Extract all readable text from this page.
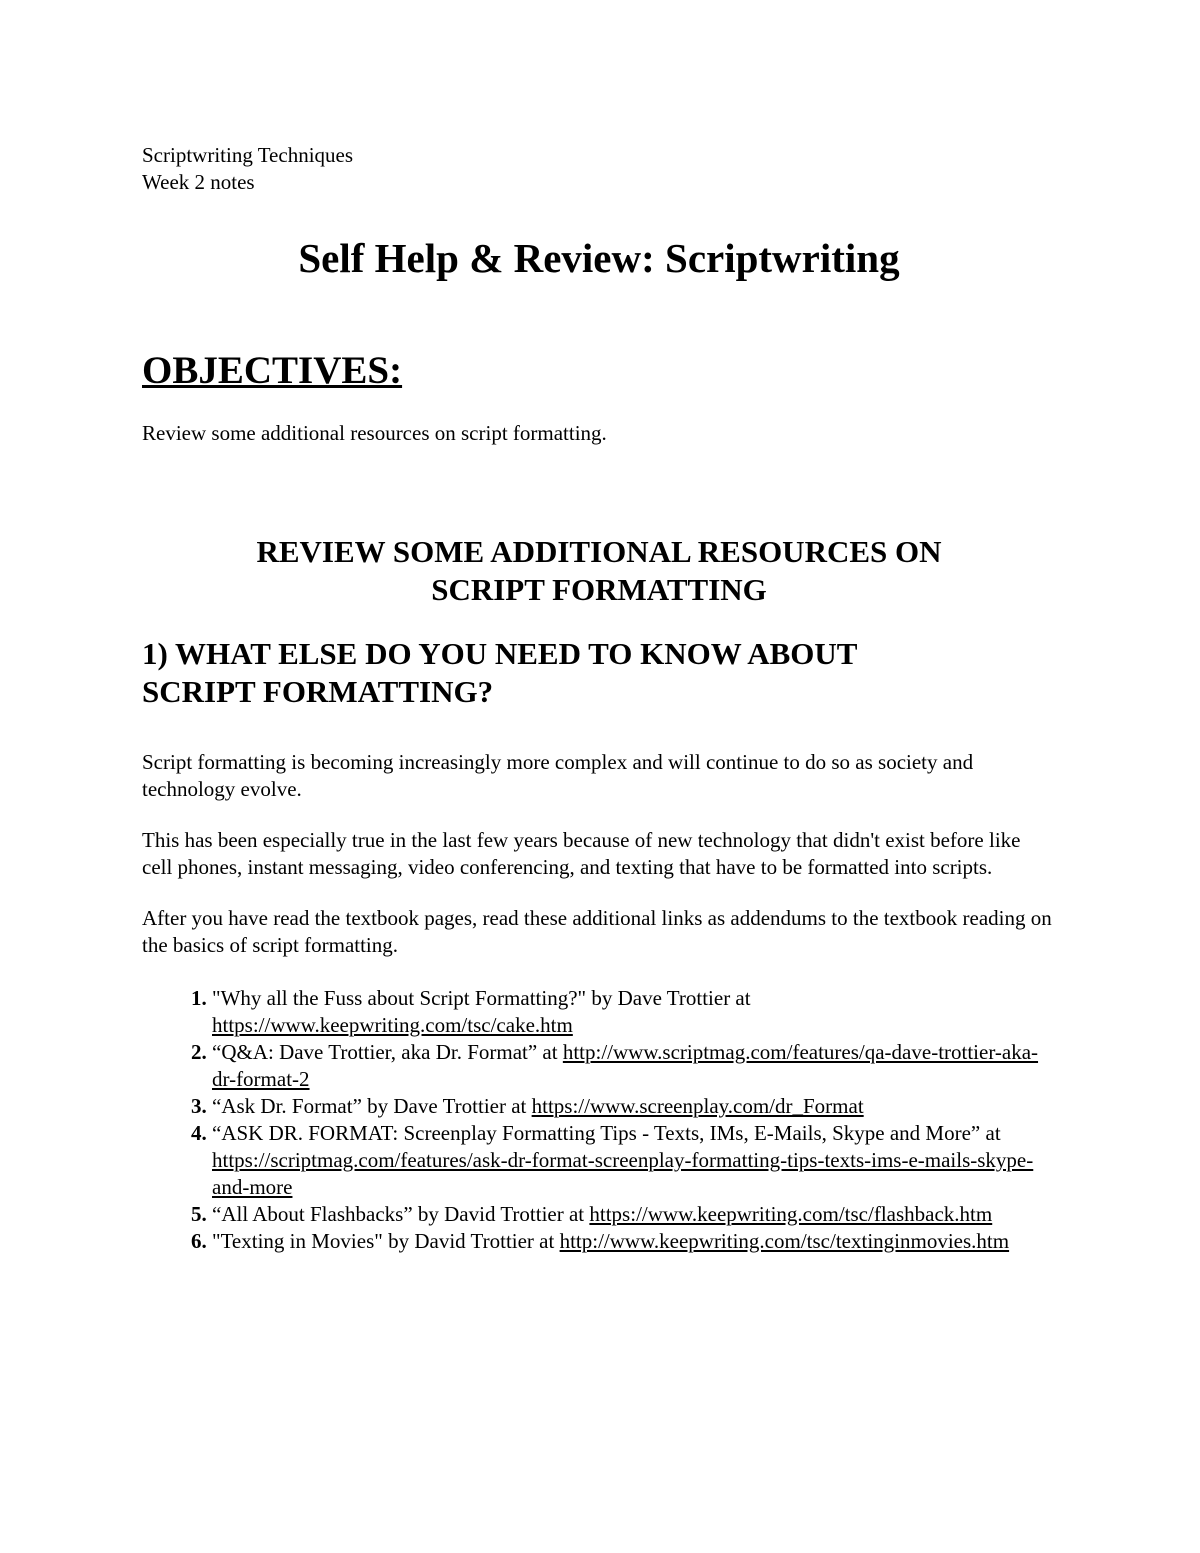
Scriptwriting Techniques
Week 2 notes
Self Help & Review: Scriptwriting
OBJECTIVES:
Review some additional resources on script formatting.
REVIEW SOME ADDITIONAL RESOURCES ON
SCRIPT FORMATTING
1) WHAT ELSE DO YOU NEED TO KNOW ABOUT
SCRIPT FORMATTING?

Script formatting is becoming increasingly more complex and will continue to do so as society and technology evolve.

This has been especially true in the last few years because of new technology that didn't exist before like cell phones, instant messaging, video conferencing, and texting that have to be formatted into scripts.

After you have read the textbook pages, read these additional links as addendums to the textbook reading on the basics of script formatting.

1. "Why all the Fuss about Script Formatting?" by Dave Trottier at https://www.keepwriting.com/tsc/cake.htm
2. “Q&A: Dave Trottier, aka Dr. Format” at http://www.scriptmag.com/features/qa-dave-trottier-aka-dr-format-2
3. “Ask Dr. Format” by Dave Trottier at https://www.screenplay.com/dr_Format
4. “ASK DR. FORMAT: Screenplay Formatting Tips - Texts, IMs, E-Mails, Skype and More” at https://scriptmag.com/features/ask-dr-format-screenplay-formatting-tips-texts-ims-e-mails-skype-and-more
5. “All About Flashbacks” by David Trottier at https://www.keepwriting.com/tsc/flashback.htm
6. "Texting in Movies" by David Trottier at http://www.keepwriting.com/tsc/textinginmovies.htm
